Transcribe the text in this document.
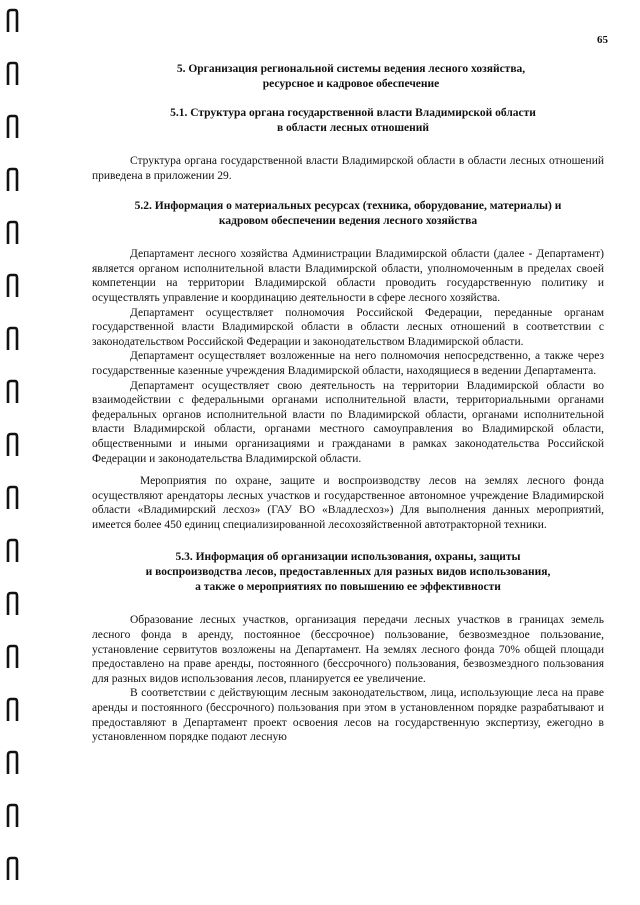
65

5. Организация региональной системы ведения лесного хозяйства,

ресурсное и кадровое обеспечение

5.1. Структура органа государственной власти Владимирской области

в области лесных отношений

Структура органа государственной власти Владимирской области в области лесных отношений приведена в приложении 29.

5.2. Информация о материальных ресурсах (техника, оборудование, материалы) и

кадровом обеспечении ведения лесного хозяйства

Департамент лесного хозяйства Администрации Владимирской области (далее - Департамент) является органом исполнительной власти Владимирской области, уполномоченным в пределах своей компетенции на территории Владимирской области проводить государственную политику и осуществлять управление и координацию деятельности в сфере лесного хозяйства.

Департамент осуществляет полномочия Российской Федерации, переданные органам государственной власти Владимирской области в области лесных отношений в соответствии с законодательством Российской Федерации и законодательством Владимирской области.

Департамент осуществляет возложенные на него полномочия непосредственно, а также через государственные казенные учреждения Владимирской области, находящиеся в ведении Департамента.

Департамент осуществляет свою деятельность на территории Владимирской области во взаимодействии с федеральными органами исполнительной власти, территориальными органами федеральных органов исполнительной власти по Владимирской области, органами исполнительной власти Владимирской области, органами местного самоуправления во Владимирской области, общественными и иными организациями и гражданами в рамках законодательства Российской Федерации и законодательства Владимирской области.

Мероприятия по охране, защите и воспроизводству лесов на землях лесного фонда осуществляют арендаторы лесных участков и государственное автономное учреждение Владимирской области «Владимирский лесхоз» (ГАУ ВО «Владлесхоз») Для выполнения данных мероприятий, имеется более 450 единиц специализированной лесохозяйственной автотракторной техники.

5.3. Информация об организации использования, охраны, защиты

и воспроизводства лесов, предоставленных для разных видов использования,

а также о мероприятиях по повышению ее эффективности

Образование лесных участков, организация передачи лесных участков в границах земель лесного фонда в аренду, постоянное (бессрочное) пользование, безвозмездное пользование, установление сервитутов возложены на Департамент. На землях лесного фонда 70% общей площади предоставлено на праве аренды, постоянного (бессрочного) пользования, безвозмездного пользования для разных видов использования лесов, планируется ее увеличение.

В соответствии с действующим лесным законодательством, лица, использующие леса на праве аренды и постоянного (бессрочного) пользования при этом в установленном порядке разрабатывают и предоставляют в Департамент проект освоения лесов на государственную экспертизу, ежегодно в установленном порядке подают лесную
